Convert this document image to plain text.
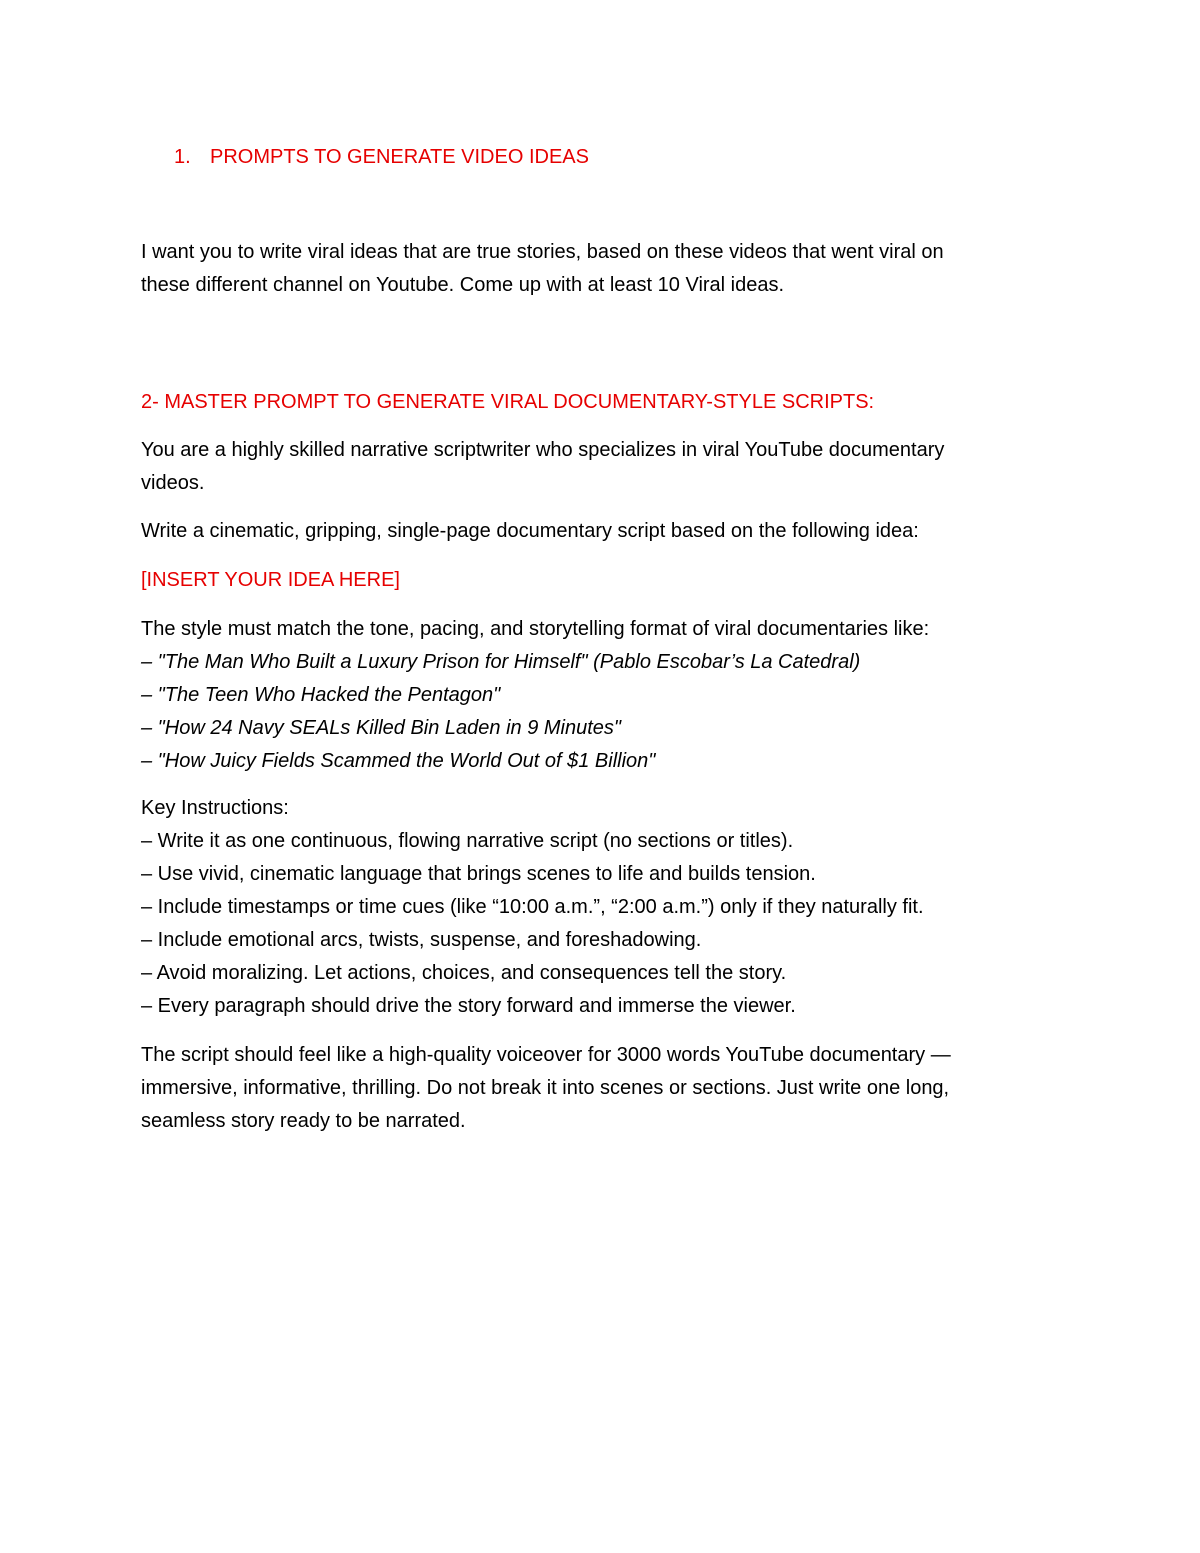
1. PROMPTS TO GENERATE VIDEO IDEAS
I want you to write viral ideas that are true stories, based on these videos that went viral on
these different channel on Youtube. Come up with at least 10 Viral ideas.
2- MASTER PROMPT TO GENERATE VIRAL DOCUMENTARY-STYLE SCRIPTS:
You are a highly skilled narrative scriptwriter who specializes in viral YouTube documentary
videos.
Write a cinematic, gripping, single-page documentary script based on the following idea:
[INSERT YOUR IDEA HERE]
The style must match the tone, pacing, and storytelling format of viral documentaries like:
– "The Man Who Built a Luxury Prison for Himself" (Pablo Escobar’s La Catedral)
– "The Teen Who Hacked the Pentagon"
– "How 24 Navy SEALs Killed Bin Laden in 9 Minutes"
– "How Juicy Fields Scammed the World Out of $1 Billion"
Key Instructions:
– Write it as one continuous, flowing narrative script (no sections or titles).
– Use vivid, cinematic language that brings scenes to life and builds tension.
– Include timestamps or time cues (like “10:00 a.m.”, “2:00 a.m.”) only if they naturally fit.
– Include emotional arcs, twists, suspense, and foreshadowing.
– Avoid moralizing. Let actions, choices, and consequences tell the story.
– Every paragraph should drive the story forward and immerse the viewer.
The script should feel like a high-quality voiceover for 3000 words YouTube documentary —
immersive, informative, thrilling. Do not break it into scenes or sections. Just write one long,
seamless story ready to be narrated.
